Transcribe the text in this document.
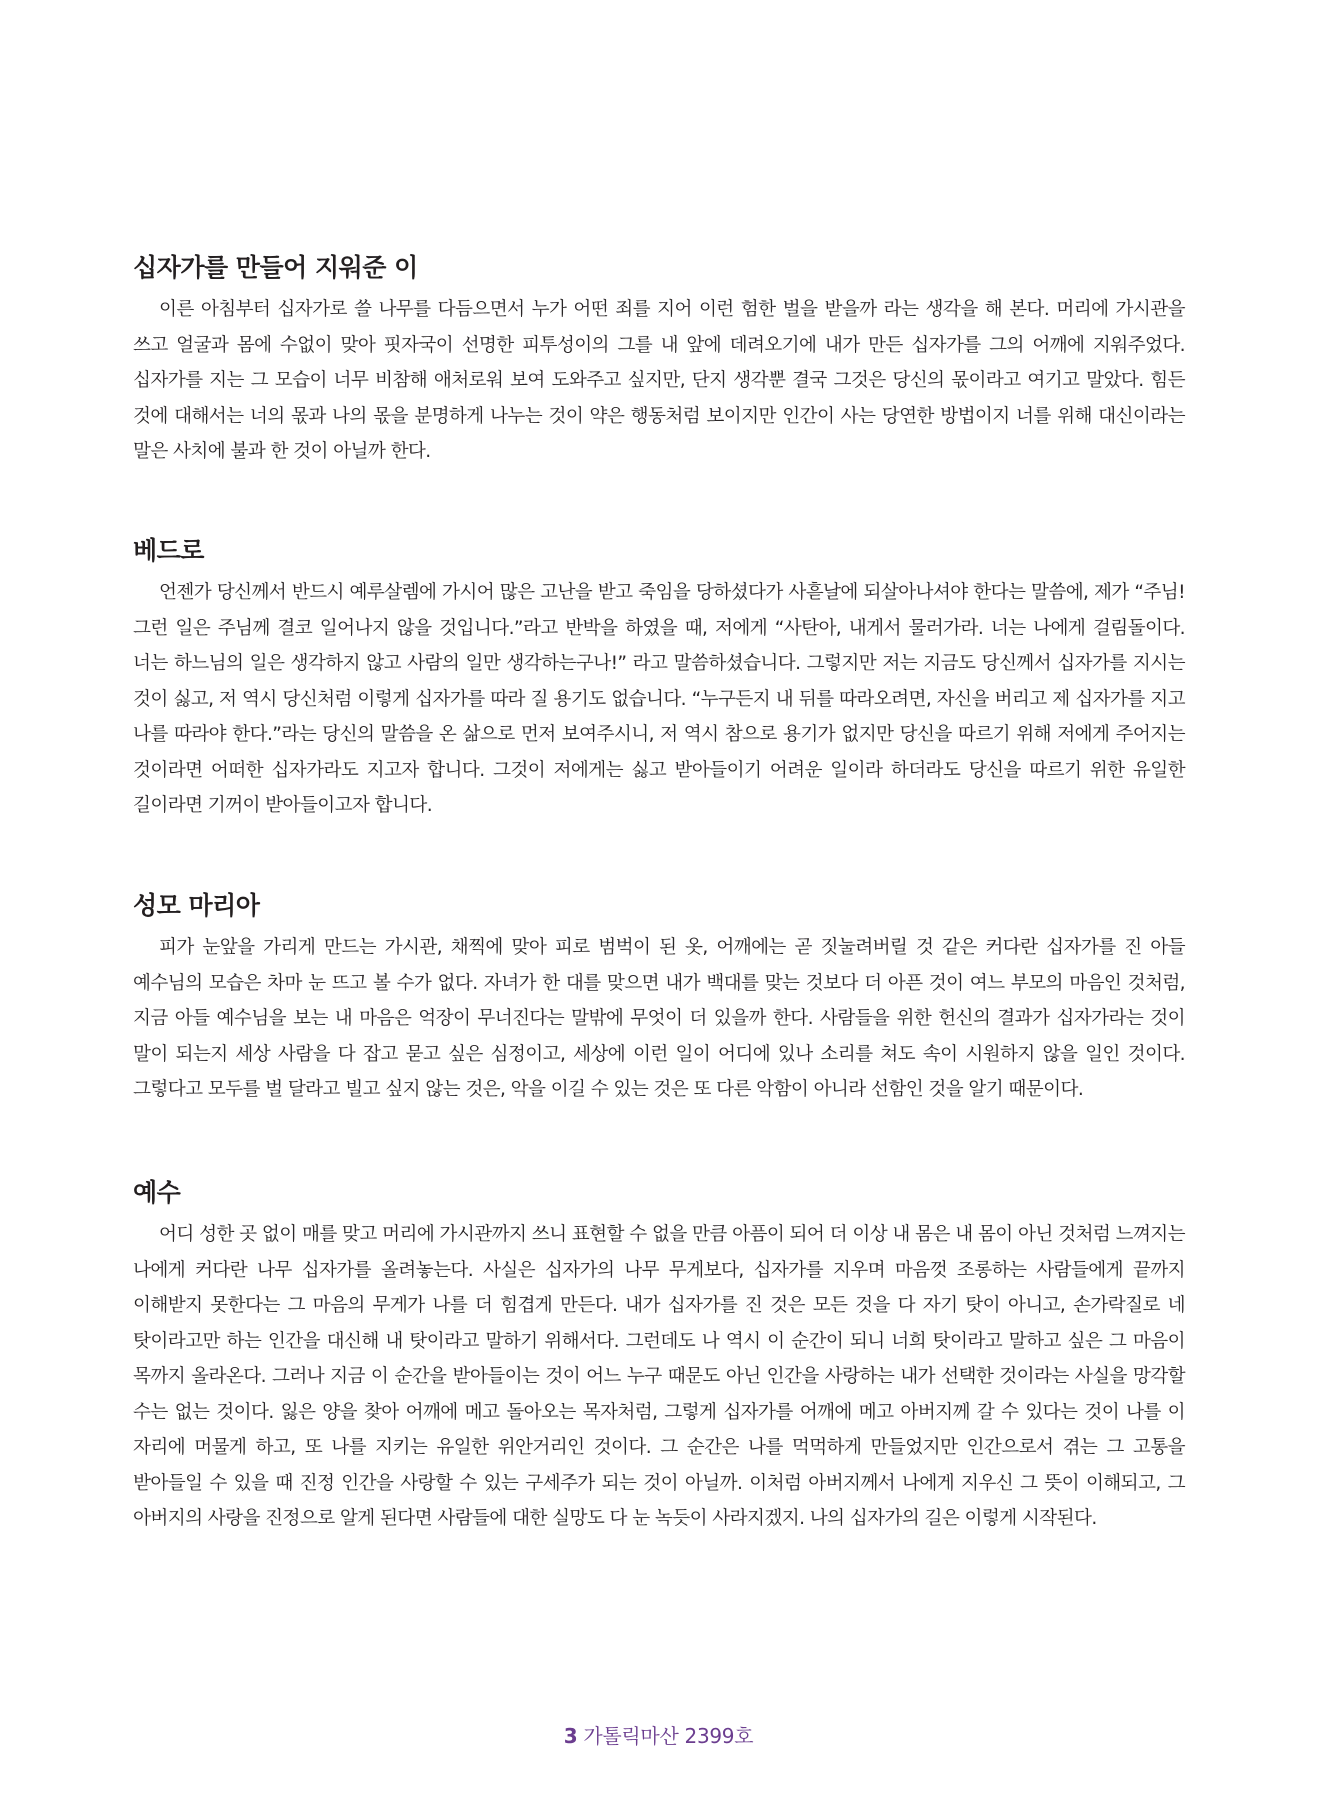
십자가를 만들어 지워준 이

이른 아침부터 십자가로 쓸 나무를 다듬으면서 누가 어떤 죄를 지어 이런 험한 벌을 받을까 라는 생각을 해 본다. 머리에 가시관을 쓰고 얼굴과 몸에 수없이 맞아 핏자국이 선명한 피투성이의 그를 내 앞에 데려오기에 내가 만든 십자가를 그의 어깨에 지워주었다. 십자가를 지는 그 모습이 너무 비참해 애처로워 보여 도와주고 싶지만, 단지 생각뿐 결국 그것은 당신의 몫이라고 여기고 말았다. 힘든 것에 대해서는 너의 몫과 나의 몫을 분명하게 나누는 것이 약은 행동처럼 보이지만 인간이 사는 당연한 방법이지 너를 위해 대신이라는 말은 사치에 불과 한 것이 아닐까 한다.

베드로

언젠가 당신께서 반드시 예루살렘에 가시어 많은 고난을 받고 죽임을 당하셨다가 사흗날에 되살아나셔야 한다는 말씀에, 제가 “주님! 그런 일은 주님께 결코 일어나지 않을 것입니다.”라고 반박을 하였을 때, 저에게 “사탄아, 내게서 물러가라. 너는 나에게 걸림돌이다. 너는 하느님의 일은 생각하지 않고 사람의 일만 생각하는구나!” 라고 말씀하셨습니다. 그렇지만 저는 지금도 당신께서 십자가를 지시는 것이 싫고, 저 역시 당신처럼 이렇게 십자가를 따라 질 용기도 없습니다. “누구든지 내 뒤를 따라오려면, 자신을 버리고 제 십자가를 지고 나를 따라야 한다.”라는 당신의 말씀을 온 삶으로 먼저 보여주시니, 저 역시 참으로 용기가 없지만 당신을 따르기 위해 저에게 주어지는 것이라면 어떠한 십자가라도 지고자 합니다. 그것이 저에게는 싫고 받아들이기 어려운 일이라 하더라도 당신을 따르기 위한 유일한 길이라면 기꺼이 받아들이고자 합니다.

성모 마리아

피가 눈앞을 가리게 만드는 가시관, 채찍에 맞아 피로 범벅이 된 옷, 어깨에는 곧 짓눌려버릴 것 같은 커다란 십자가를 진 아들 예수님의 모습은 차마 눈 뜨고 볼 수가 없다. 자녀가 한 대를 맞으면 내가 백대를 맞는 것보다 더 아픈 것이 여느 부모의 마음인 것처럼, 지금 아들 예수님을 보는 내 마음은 억장이 무너진다는 말밖에 무엇이 더 있을까 한다. 사람들을 위한 헌신의 결과가 십자가라는 것이 말이 되는지 세상 사람을 다 잡고 묻고 싶은 심정이고, 세상에 이런 일이 어디에 있나 소리를 쳐도 속이 시원하지 않을 일인 것이다. 그렇다고 모두를 벌 달라고 빌고 싶지 않는 것은, 악을 이길 수 있는 것은 또 다른 악함이 아니라 선함인 것을 알기 때문이다.

예수

어디 성한 곳 없이 매를 맞고 머리에 가시관까지 쓰니 표현할 수 없을 만큼 아픔이 되어 더 이상 내 몸은 내 몸이 아닌 것처럼 느껴지는 나에게 커다란 나무 십자가를 올려놓는다. 사실은 십자가의 나무 무게보다, 십자가를 지우며 마음껏 조롱하는 사람들에게 끝까지 이해받지 못한다는 그 마음의 무게가 나를 더 힘겹게 만든다. 내가 십자가를 진 것은 모든 것을 다 자기 탓이 아니고, 손가락질로 네 탓이라고만 하는 인간을 대신해 내 탓이라고 말하기 위해서다. 그런데도 나 역시 이 순간이 되니 너희 탓이라고 말하고 싶은 그 마음이 목까지 올라온다. 그러나 지금 이 순간을 받아들이는 것이 어느 누구 때문도 아닌 인간을 사랑하는 내가 선택한 것이라는 사실을 망각할 수는 없는 것이다. 잃은 양을 찾아 어깨에 메고 돌아오는 목자처럼, 그렇게 십자가를 어깨에 메고 아버지께 갈 수 있다는 것이 나를 이 자리에 머물게 하고, 또 나를 지키는 유일한 위안거리인 것이다. 그 순간은 나를 먹먹하게 만들었지만 인간으로서 겪는 그 고통을 받아들일 수 있을 때 진정 인간을 사랑할 수 있는 구세주가 되는 것이 아닐까. 이처럼 아버지께서 나에게 지우신 그 뜻이 이해되고, 그 아버지의 사랑을 진정으로 알게 된다면 사람들에 대한 실망도 다 눈 녹듯이 사라지겠지. 나의 십자가의 길은 이렇게 시작된다.

3 가톨릭마산 2399호
